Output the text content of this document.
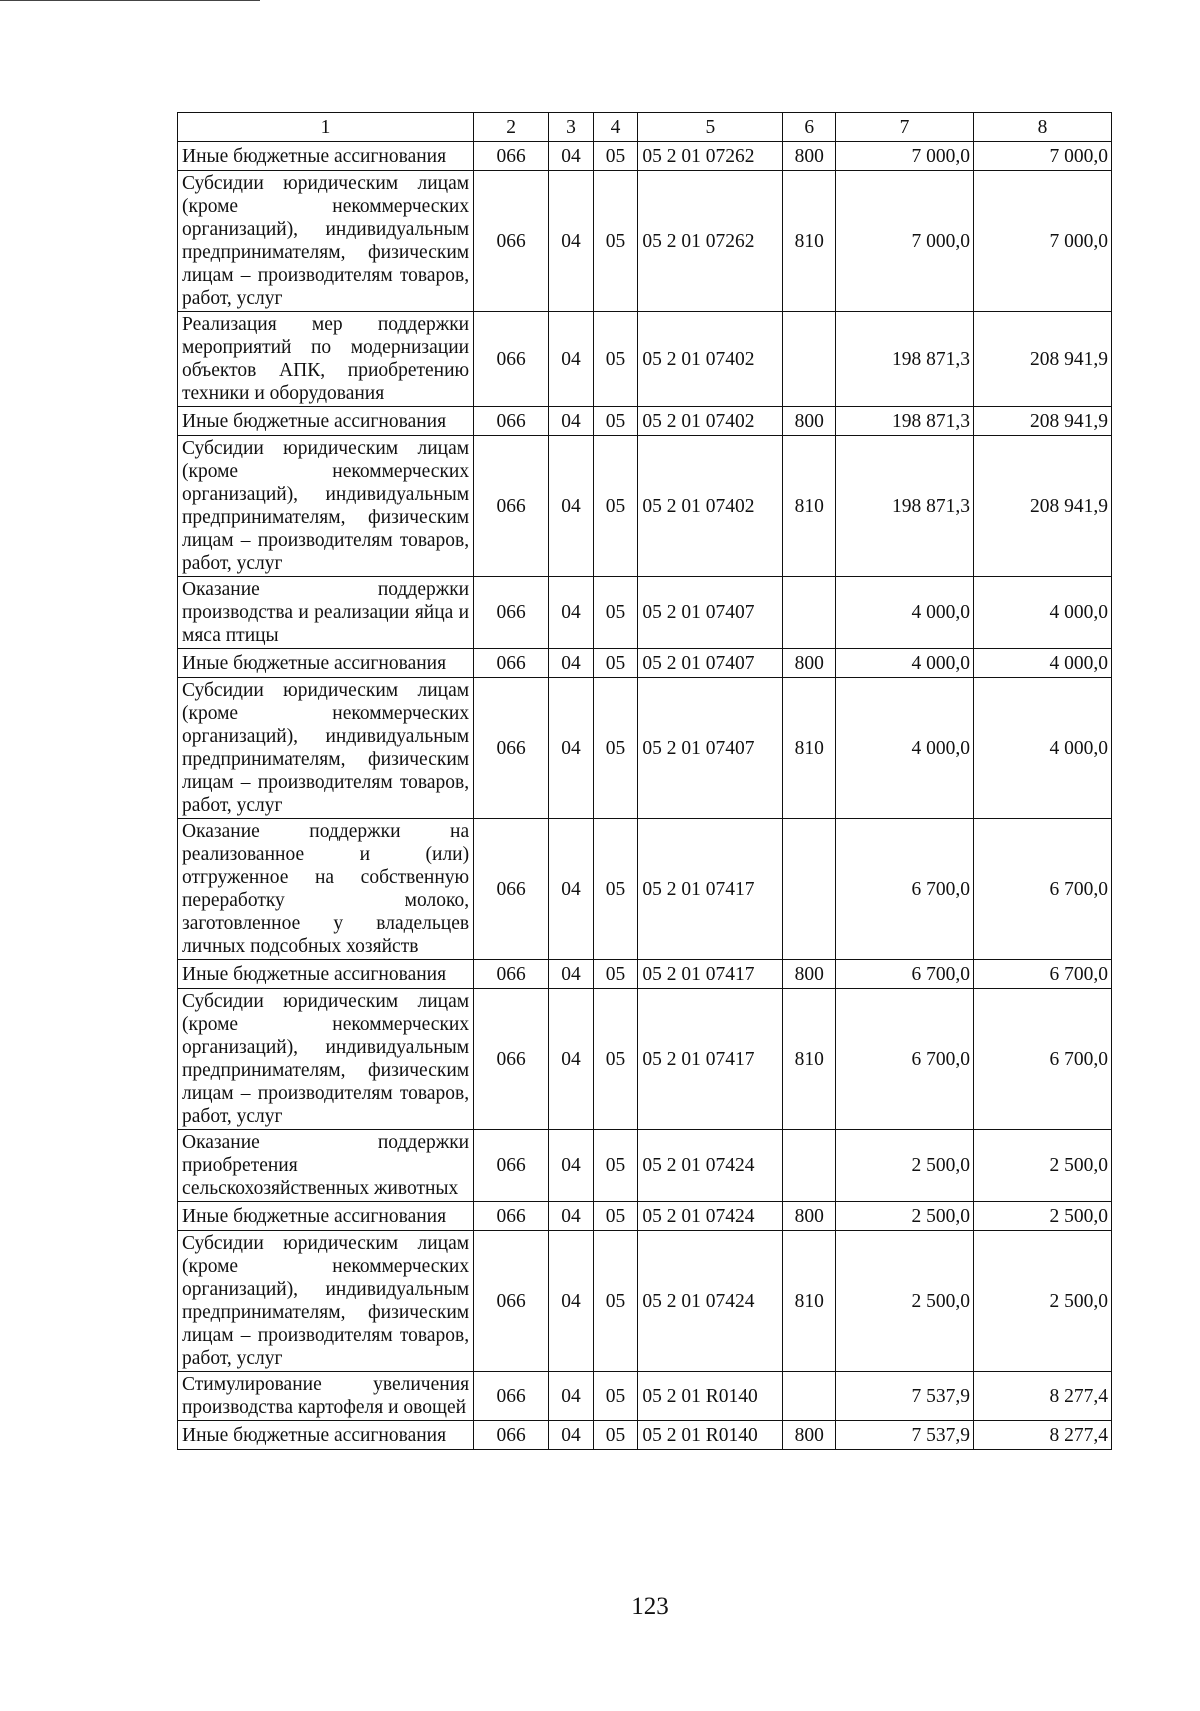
1	2	3	4	5	6	7	8
Иные бюджетные ассигнования	066	04	05	05 2 01 07262	800	7 000,0	7 000,0
Субсидии юридическим лицам (кроме некоммерческих организаций), индивидуальным предпринимателям, физическим лицам – производителям товаров, работ, услуг	066	04	05	05 2 01 07262	810	7 000,0	7 000,0
Реализация мер поддержки мероприятий по модернизации объектов АПК, приобретению техники и оборудования	066	04	05	05 2 01 07402		198 871,3	208 941,9
Иные бюджетные ассигнования	066	04	05	05 2 01 07402	800	198 871,3	208 941,9
Субсидии юридическим лицам (кроме некоммерческих организаций), индивидуальным предпринимателям, физическим лицам – производителям товаров, работ, услуг	066	04	05	05 2 01 07402	810	198 871,3	208 941,9
Оказание поддержки производства и реализации яйца и мяса птицы	066	04	05	05 2 01 07407		4 000,0	4 000,0
Иные бюджетные ассигнования	066	04	05	05 2 01 07407	800	4 000,0	4 000,0
Субсидии юридическим лицам (кроме некоммерческих организаций), индивидуальным предпринимателям, физическим лицам – производителям товаров, работ, услуг	066	04	05	05 2 01 07407	810	4 000,0	4 000,0
Оказание поддержки на реализованное и (или) отгруженное на собственную переработку молоко, заготовленное у владельцев личных подсобных хозяйств	066	04	05	05 2 01 07417		6 700,0	6 700,0
Иные бюджетные ассигнования	066	04	05	05 2 01 07417	800	6 700,0	6 700,0
Субсидии юридическим лицам (кроме некоммерческих организаций), индивидуальным предпринимателям, физическим лицам – производителям товаров, работ, услуг	066	04	05	05 2 01 07417	810	6 700,0	6 700,0
Оказание поддержки приобретения сельскохозяйственных животных	066	04	05	05 2 01 07424		2 500,0	2 500,0
Иные бюджетные ассигнования	066	04	05	05 2 01 07424	800	2 500,0	2 500,0
Субсидии юридическим лицам (кроме некоммерческих организаций), индивидуальным предпринимателям, физическим лицам – производителям товаров, работ, услуг	066	04	05	05 2 01 07424	810	2 500,0	2 500,0
Стимулирование увеличения производства картофеля и овощей	066	04	05	05 2 01 R0140		7 537,9	8 277,4
Иные бюджетные ассигнования	066	04	05	05 2 01 R0140	800	7 537,9	8 277,4
123
